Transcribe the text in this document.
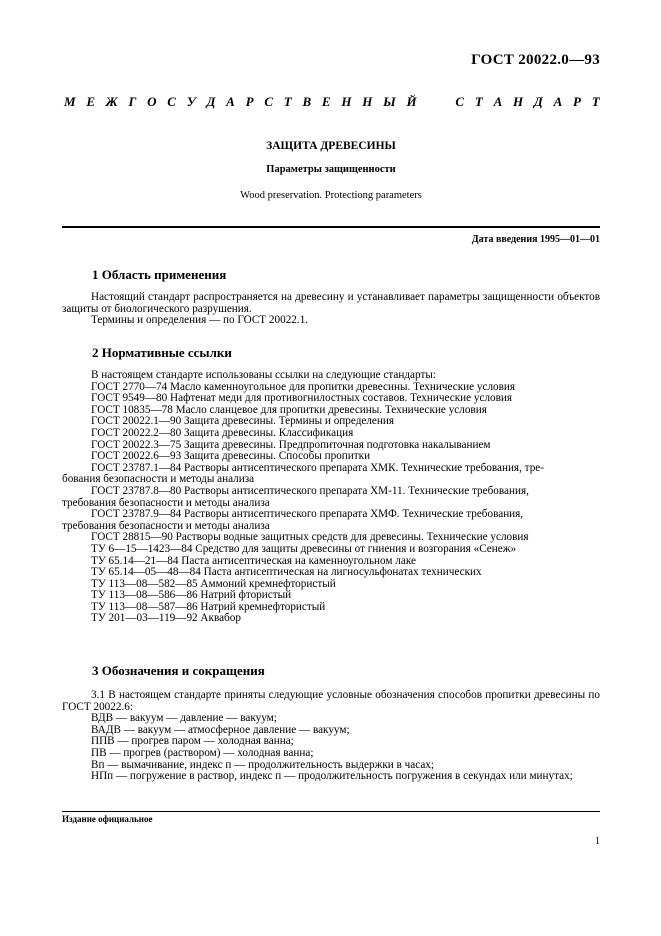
ГОСТ 20022.0—93
М Е Ж Г О С У Д А Р С Т В Е Н Н Ы Й

	С Т А Н Д А Р Т
ЗАЩИТА ДРЕВЕСИНЫ
Параметры защищенности
Wood preservation. Protectiong parameters
Дата введения 1995—01—01
1 Область применения

Настоящий стандарт распространяется на древесину и устанавливает параметры защищенности объектов защиты от биологического разрушения.

Термины и определения — по ГОСТ 20022.1.

2 Нормативные ссылки

В настоящем стандарте использованы ссылки на следующие стандарты:

ГОСТ 2770—74 Масло каменноугольное для пропитки древесины. Технические условия

ГОСТ 9549—80 Нафтенат меди для противогнилостных составов. Технические условия

ГОСТ 10835—78 Масло сланцевое для пропитки древесины. Технические условия

ГОСТ 20022.1—90 Защита древесины. Термины и определения

ГОСТ 20022.2—80 Защита древесины. Классификация

ГОСТ 20022.3—75 Защита древесины. Предпропиточная подготовка накалыванием

ГОСТ 20022.6—93 Защита древесины. Способы пропитки

ГОСТ 23787.1—84 Растворы антисептического препарата ХМК. Технические требования, тре-

бования безопасности и методы анализа

ГОСТ 23787.8—80 Растворы антисептического препарата ХМ-11. Технические требования,

требования безопасности и методы анализа

ГОСТ 23787.9—84 Растворы антисептического препарата ХМФ. Технические требования,

требования безопасности и методы анализа

ГОСТ 28815—90 Растворы водные защитных средств для древесины. Технические условия

ТУ 6—15—1423—84 Средство для защиты древесины от гниения и возгорания «Сенеж»

ТУ 65.14—21—84 Паста антисептическая на каменноугольном лаке

ТУ 65.14—05—48—84 Паста антисептическая на лигносульфонатах технических

ТУ 113—08—582—85 Аммоний кремнефтористый

ТУ 113—08—586—86 Натрий фтористый

ТУ 113—08—587—86 Натрий кремнефтористый

ТУ 201—03—119—92 Аквабор

3 Обозначения и сокращения

3.1 В настоящем стандарте приняты следующие условные обозначения способов пропитки древесины по ГОСТ 20022.6:

ВДВ — вакуум — давление — вакуум;

ВАДВ — вакуум — атмосферное давление — вакуум;

ППВ — прогрев паром — холодная ванна;

ПВ — прогрев (раствором) — холодная ванна;

Вп — вымачивание, индекс п — продолжительность выдержки в часах;

НПп — погружение в раствор, индекс п — продолжительность погружения в секундах или минутах;

Издание официальное
1
